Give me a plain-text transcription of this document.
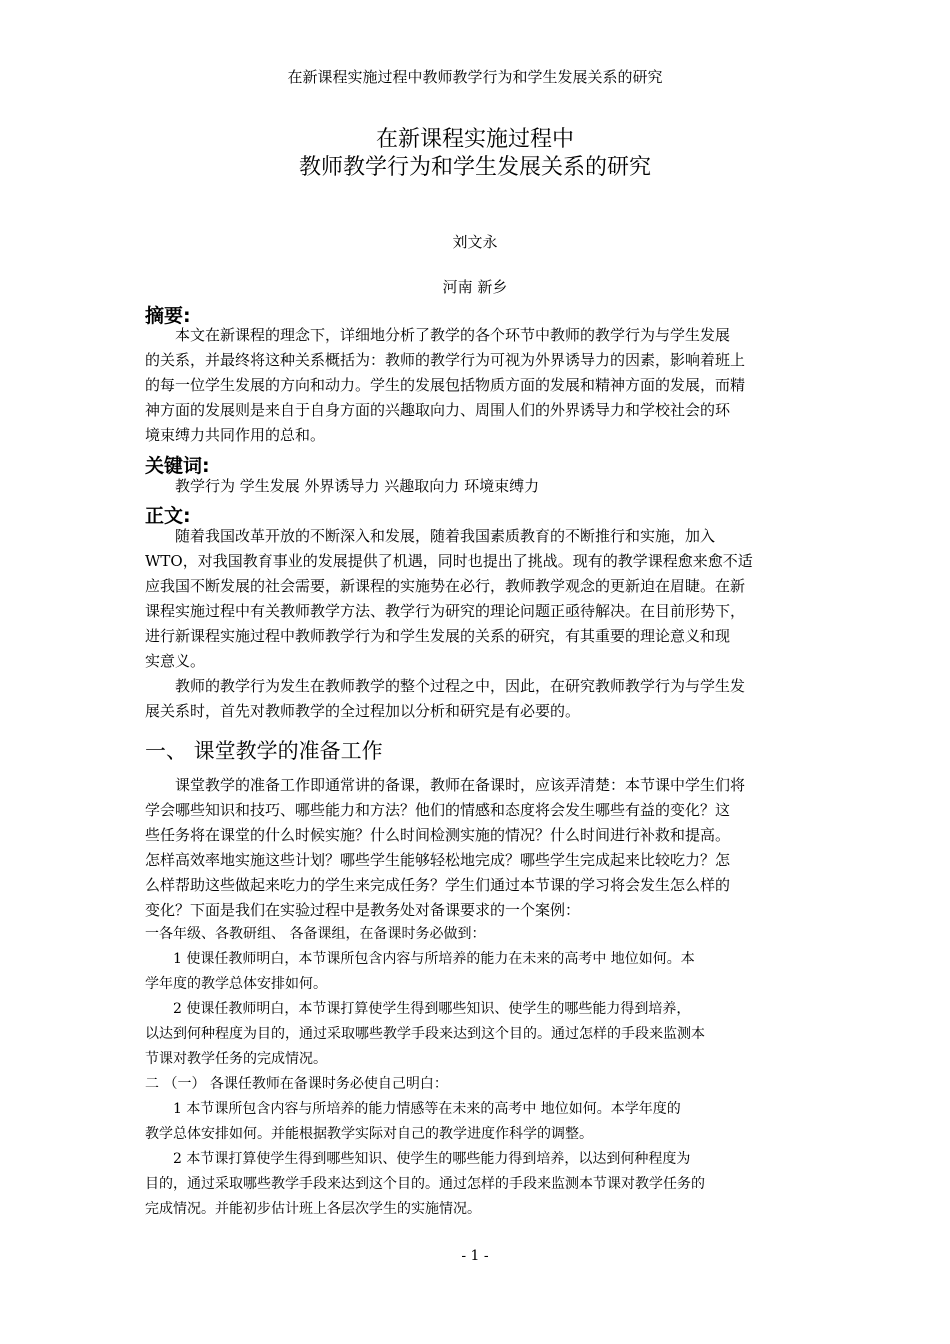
在新课程实施过程中教师教学行为和学生发展关系的研究
在新课程实施过程中
教师教学行为和学生发展关系的研究
刘文永
河南 新乡
摘要:
　　本文在新课程的理念下，详细地分析了教学的各个环节中教师的教学行为与学生发展
的关系，并最终将这种关系概括为：教师的教学行为可视为外界诱导力的因素，影响着班上
的每一位学生发展的方向和动力。学生的发展包括物质方面的发展和精神方面的发展，而精
神方面的发展则是来自于自身方面的兴趣取向力、周围人们的外界诱导力和学校社会的环
境束缚力共同作用的总和。
关键词:
　　教学行为 学生发展 外界诱导力 兴趣取向力 环境束缚力
正文:
　　随着我国改革开放的不断深入和发展，随着我国素质教育的不断推行和实施，加入
WTO，对我国教育事业的发展提供了机遇，同时也提出了挑战。现有的教学课程愈来愈不适
应我国不断发展的社会需要，新课程的实施势在必行，教师教学观念的更新迫在眉睫。在新
课程实施过程中有关教师教学方法、教学行为研究的理论问题正亟待解决。在目前形势下，
进行新课程实施过程中教师教学行为和学生发展的关系的研究，有其重要的理论意义和现
实意义。
　　教师的教学行为发生在教师教学的整个过程之中，因此，在研究教师教学行为与学生发
展关系时，首先对教师教学的全过程加以分析和研究是有必要的。
一、 课堂教学的准备工作
　　课堂教学的准备工作即通常讲的备课，教师在备课时，应该弄清楚：本节课中学生们将
学会哪些知识和技巧、哪些能力和方法？他们的情感和态度将会发生哪些有益的变化？这
些任务将在课堂的什么时候实施？什么时间检测实施的情况？什么时间进行补救和提高。
怎样高效率地实施这些计划？哪些学生能够轻松地完成？哪些学生完成起来比较吃力？怎
么样帮助这些做起来吃力的学生来完成任务？学生们通过本节课的学习将会发生怎么样的
变化？下面是我们在实验过程中是教务处对备课要求的一个案例：
一各年级、各教研组、 各备课组，在备课时务必做到：
　　1 使课任教师明白，本节课所包含内容与所培养的能力在未来的高考中 地位如何。本
学年度的教学总体安排如何。
　　2 使课任教师明白，本节课打算使学生得到哪些知识、使学生的哪些能力得到培养，
以达到何种程度为目的，通过采取哪些教学手段来达到这个目的。通过怎样的手段来监测本
节课对教学任务的完成情况。
二 （一） 各课任教师在备课时务必使自己明白：
　　1 本节课所包含内容与所培养的能力情感等在未来的高考中 地位如何。本学年度的
教学总体安排如何。并能根据教学实际对自己的教学进度作科学的调整。
　　2 本节课打算使学生得到哪些知识、使学生的哪些能力得到培养，以达到何种程度为
目的，通过采取哪些教学手段来达到这个目的。通过怎样的手段来监测本节课对教学任务的
完成情况。并能初步估计班上各层次学生的实施情况。
- 1 -
